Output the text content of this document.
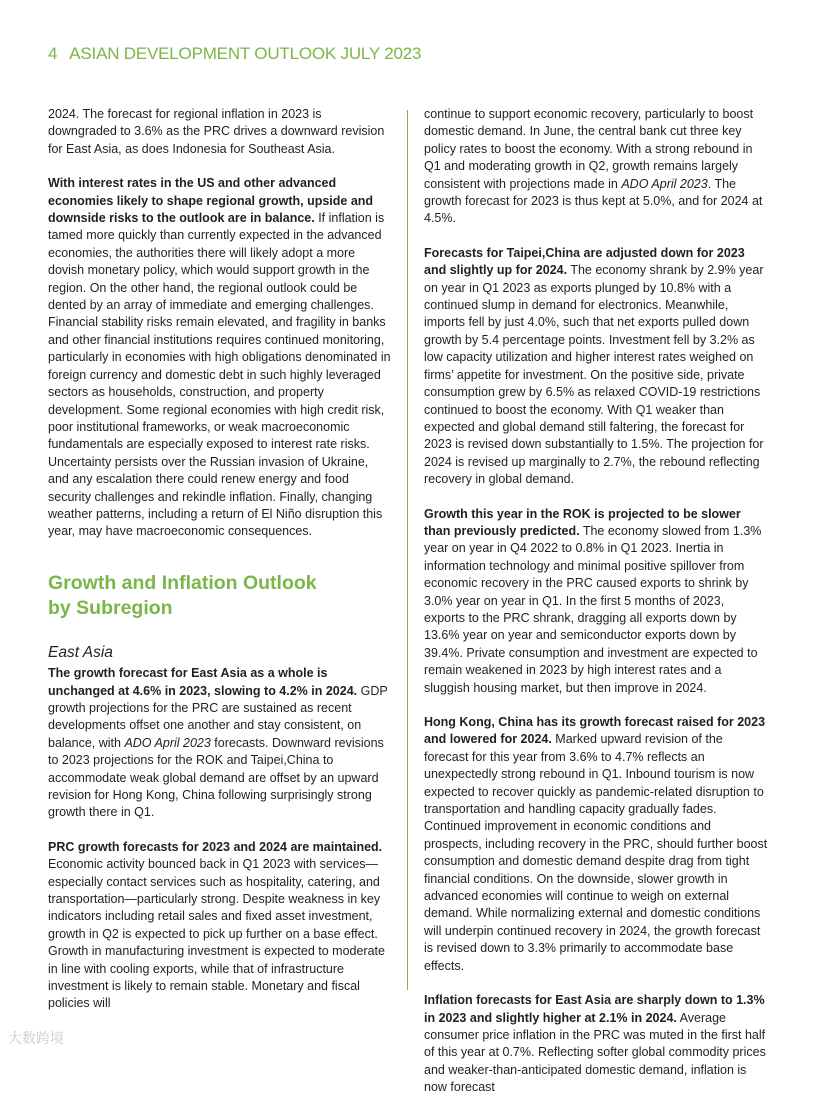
4 ASIAN DEVELOPMENT OUTLOOK JULY 2023

2024. The forecast for regional inflation in 2023 is downgraded to 3.6% as the PRC drives a downward revision for East Asia, as does Indonesia for Southeast Asia.

With interest rates in the US and other advanced economies likely to shape regional growth, upside and downside risks to the outlook are in balance. If inflation is tamed more quickly than currently expected in the advanced economies, the authorities there will likely adopt a more dovish monetary policy, which would support growth in the region. On the other hand, the regional outlook could be dented by an array of immediate and emerging challenges. Financial stability risks remain elevated, and fragility in banks and other financial institutions requires continued monitoring, particularly in economies with high obligations denominated in foreign currency and domestic debt in such highly leveraged sectors as households, construction, and property development. Some regional economies with high credit risk, poor institutional frameworks, or weak macroeconomic fundamentals are especially exposed to interest rate risks. Uncertainty persists over the Russian invasion of Ukraine, and any escalation there could renew energy and food security challenges and rekindle inflation. Finally, changing weather patterns, including a return of El Niño disruption this year, may have macroeconomic consequences.

Growth and Inflation Outlook
by Subregion
East Asia

The growth forecast for East Asia as a whole is unchanged at 4.6% in 2023, slowing to 4.2% in 2024. GDP growth projections for the PRC are sustained as recent developments offset one another and stay consistent, on balance, with ADO April 2023 forecasts. Downward revisions to 2023 projections for the ROK and Taipei,China to accommodate weak global demand are offset by an upward revision for Hong Kong, China following surprisingly strong growth there in Q1.

PRC growth forecasts for 2023 and 2024 are maintained. Economic activity bounced back in Q1 2023 with services—especially contact services such as hospitality, catering, and transportation—particularly strong. Despite weakness in key indicators including retail sales and fixed asset investment, growth in Q2 is expected to pick up further on a base effect. Growth in manufacturing investment is expected to moderate in line with cooling exports, while that of infrastructure investment is likely to remain stable. Monetary and fiscal policies will

continue to support economic recovery, particularly to boost domestic demand. In June, the central bank cut three key policy rates to boost the economy. With a strong rebound in Q1 and moderating growth in Q2, growth remains largely consistent with projections made in ADO April 2023. The growth forecast for 2023 is thus kept at 5.0%, and for 2024 at 4.5%.

Forecasts for Taipei,China are adjusted down for 2023 and slightly up for 2024. The economy shrank by 2.9% year on year in Q1 2023 as exports plunged by 10.8% with a continued slump in demand for electronics. Meanwhile, imports fell by just 4.0%, such that net exports pulled down growth by 5.4 percentage points. Investment fell by 3.2% as low capacity utilization and higher interest rates weighed on firms’ appetite for investment. On the positive side, private consumption grew by 6.5% as relaxed COVID-19 restrictions continued to boost the economy. With Q1 weaker than expected and global demand still faltering, the forecast for 2023 is revised down substantially to 1.5%. The projection for 2024 is revised up marginally to 2.7%, the rebound reflecting recovery in global demand.

Growth this year in the ROK is projected to be slower than previously predicted. The economy slowed from 1.3% year on year in Q4 2022 to 0.8% in Q1 2023. Inertia in information technology and minimal positive spillover from economic recovery in the PRC caused exports to shrink by 3.0% year on year in Q1. In the first 5 months of 2023, exports to the PRC shrank, dragging all exports down by 13.6% year on year and semiconductor exports down by 39.4%. Private consumption and investment are expected to remain weakened in 2023 by high interest rates and a sluggish housing market, but then improve in 2024.

Hong Kong, China has its growth forecast raised for 2023 and lowered for 2024. Marked upward revision of the forecast for this year from 3.6% to 4.7% reflects an unexpectedly strong rebound in Q1. Inbound tourism is now expected to recover quickly as pandemic-related disruption to transportation and handling capacity gradually fades. Continued improvement in economic conditions and prospects, including recovery in the PRC, should further boost consumption and domestic demand despite drag from tight financial conditions. On the downside, slower growth in advanced economies will continue to weigh on external demand. While normalizing external and domestic conditions will underpin continued recovery in 2024, the growth forecast is revised down to 3.3% primarily to accommodate base effects.

Inflation forecasts for East Asia are sharply down to 1.3% in 2023 and slightly higher at 2.1% in 2024. Average consumer price inflation in the PRC was muted in the first half of this year at 0.7%. Reflecting softer global commodity prices and weaker-than-anticipated domestic demand, inflation is now forecast

大数跨境
